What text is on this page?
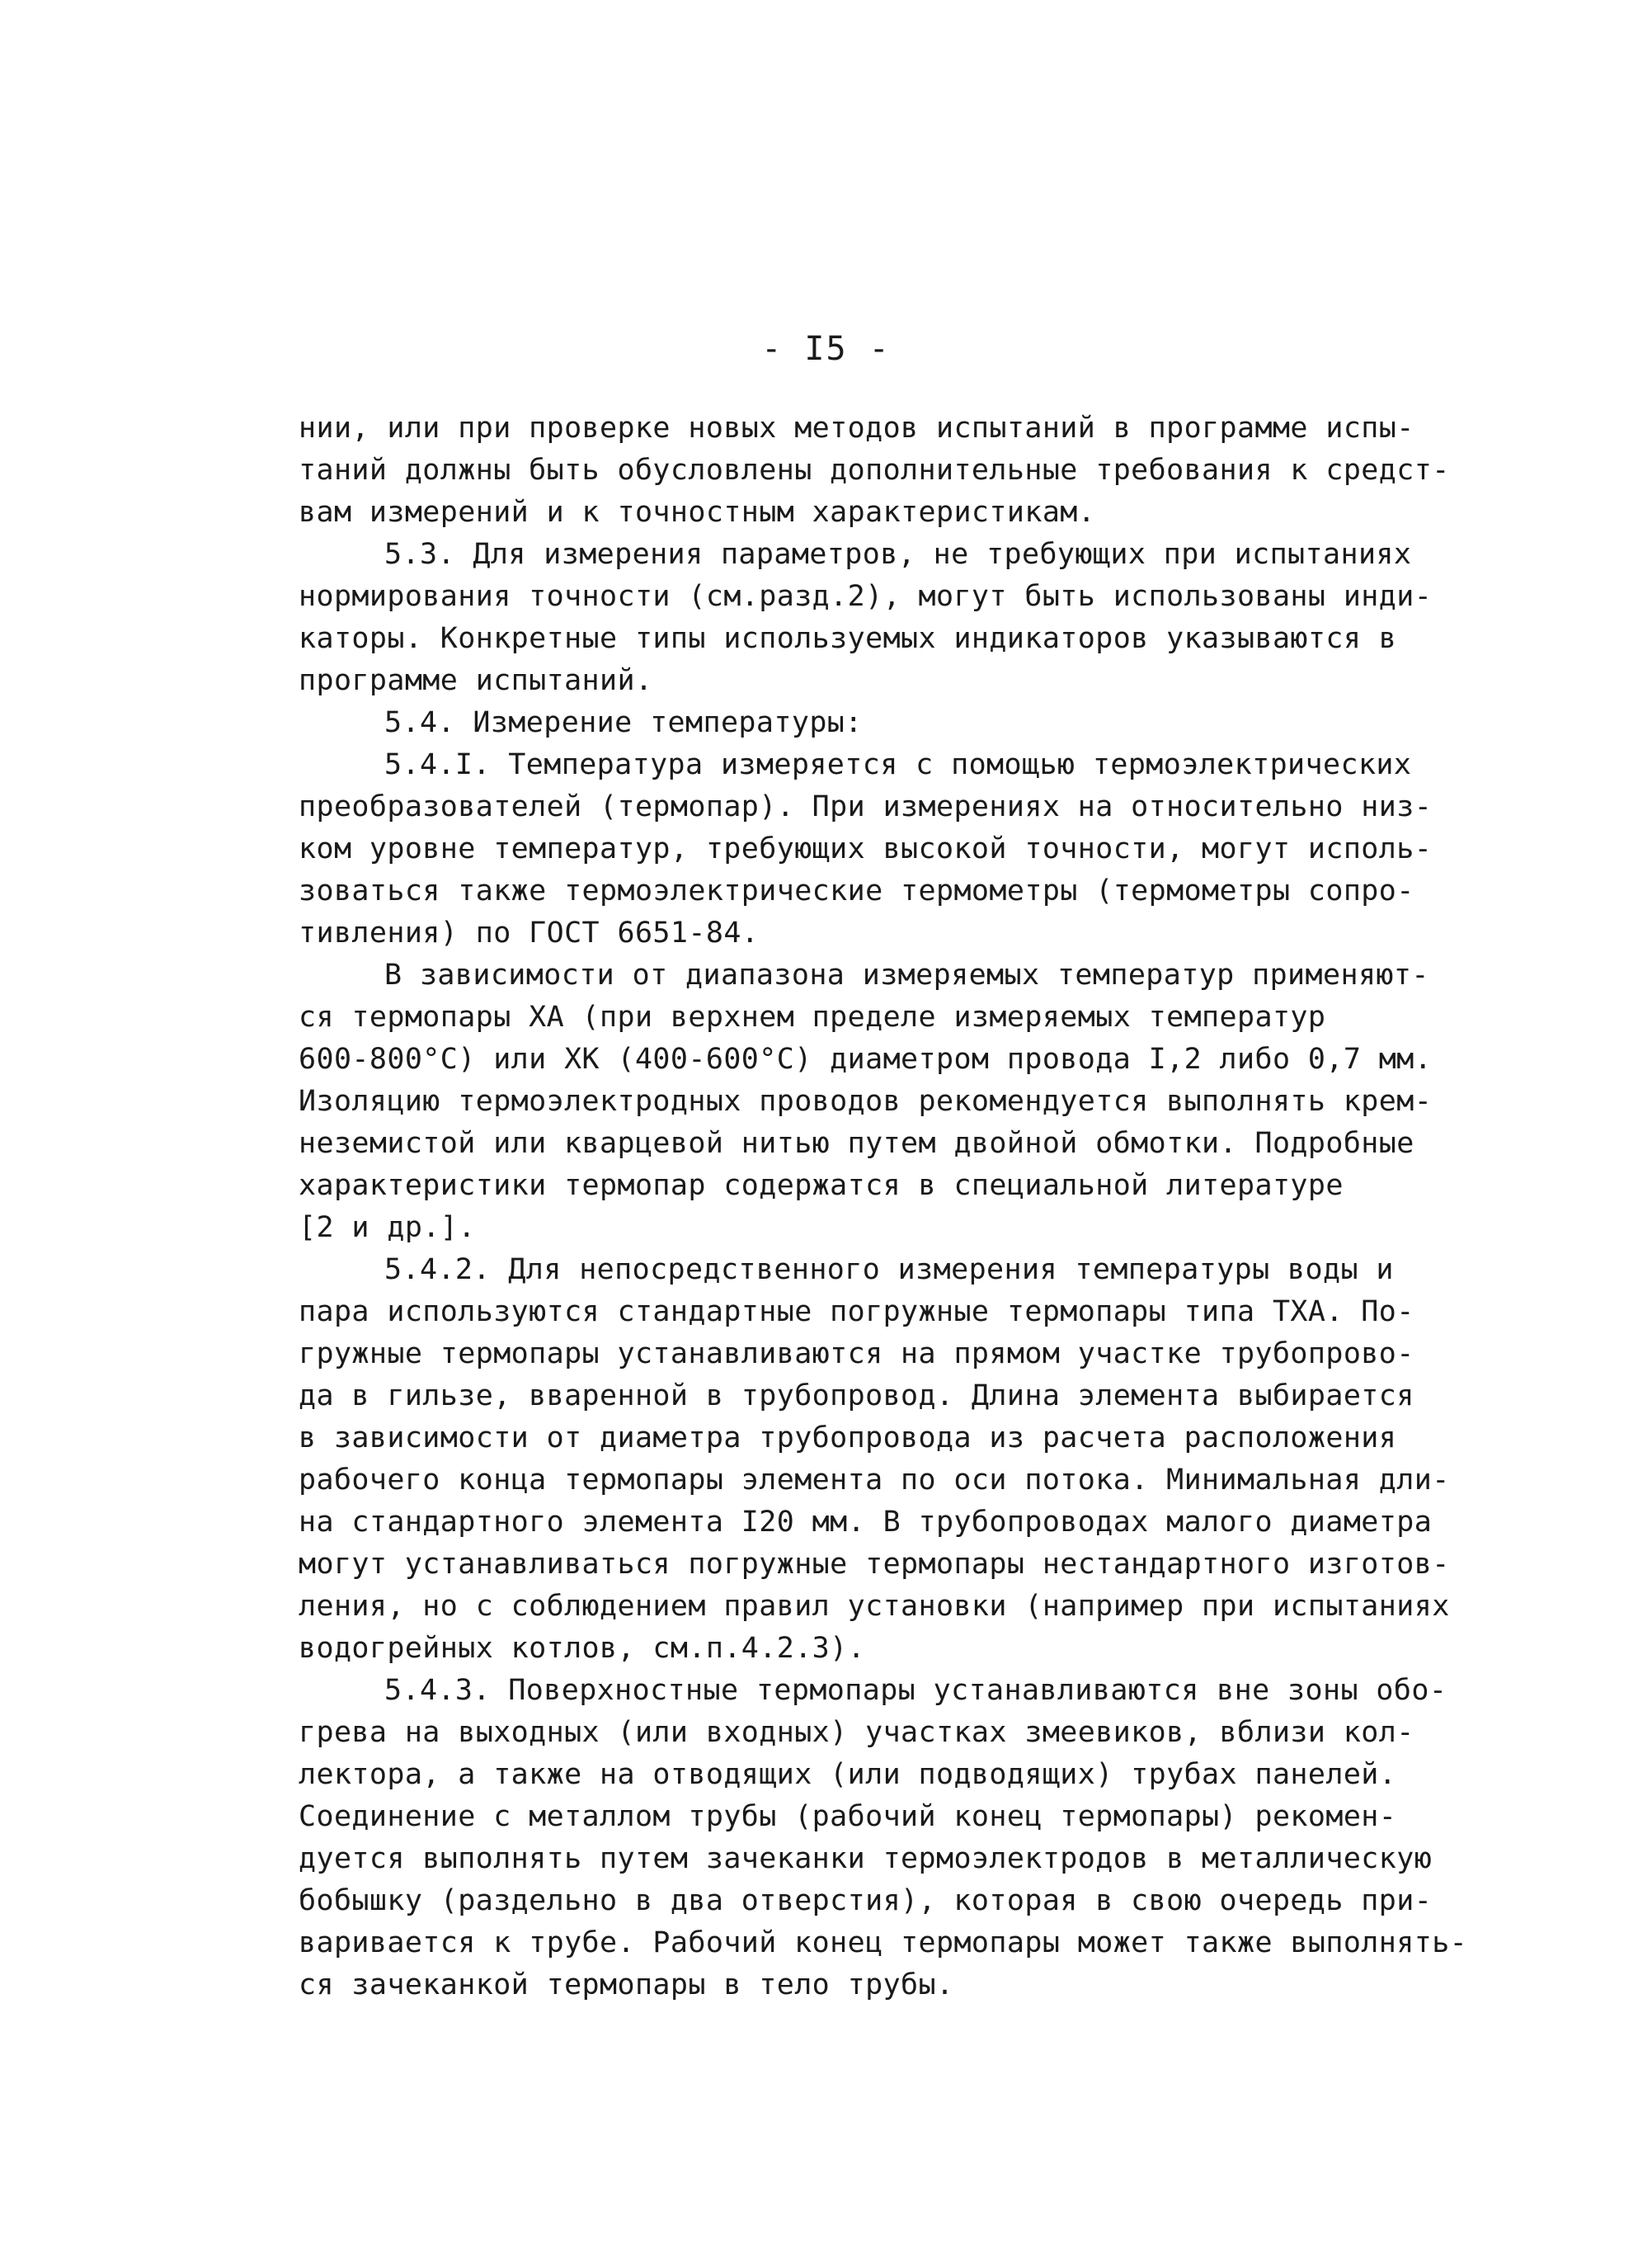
- I5 -
нии, или при проверке новых методов испытаний в программе испы-
таний должны быть обусловлены дополнительные требования к средст-
вам измерений и к точностным характеристикам.
5.3. Для измерения параметров, не требующих при испытаниях
нормирования точности (см.разд.2), могут быть использованы инди-
каторы. Конкретные типы используемых индикаторов указываются в
программе испытаний.
5.4. Измерение температуры:
5.4.I. Температура измеряется с помощью термоэлектрических
преобразователей (термопар). При измерениях на относительно низ-
ком уровне температур, требующих высокой точности, могут исполь-
зоваться также термоэлектрические термометры (термометры сопро-
тивления) по ГОСТ 6651-84.
В зависимости от диапазона измеряемых температур применяют-
ся термопары ХА (при верхнем пределе измеряемых температур
600-800°С) или ХК (400-600°С) диаметром провода I,2 либо 0,7 мм.
Изоляцию термоэлектродных проводов рекомендуется выполнять крем-
неземистой или кварцевой нитью путем двойной обмотки. Подробные
характеристики термопар содержатся в специальной литературе
[2 и др.].
5.4.2. Для непосредственного измерения температуры воды и
пара используются стандартные погружные термопары типа ТХА. По-
гружные термопары устанавливаются на прямом участке трубопрово-
да в гильзе, вваренной в трубопровод. Длина элемента выбирается
в зависимости от диаметра трубопровода из расчета расположения
рабочего конца термопары элемента по оси потока. Минимальная дли-
на стандартного элемента I20 мм. В трубопроводах малого диаметра
могут устанавливаться погружные термопары нестандартного изготов-
ления, но с соблюдением правил установки (например при испытаниях
водогрейных котлов, см.п.4.2.3).
5.4.3. Поверхностные термопары устанавливаются вне зоны обо-
грева на выходных (или входных) участках змеевиков, вблизи кол-
лектора, а также на отводящих (или подводящих) трубах панелей.
Соединение с металлом трубы (рабочий конец термопары) рекомен-
дуется выполнять путем зачеканки термоэлектродов в металлическую
бобышку (раздельно в два отверстия), которая в свою очередь при-
варивается к трубе. Рабочий конец термопары может также выполнять-
ся зачеканкой термопары в тело трубы.
